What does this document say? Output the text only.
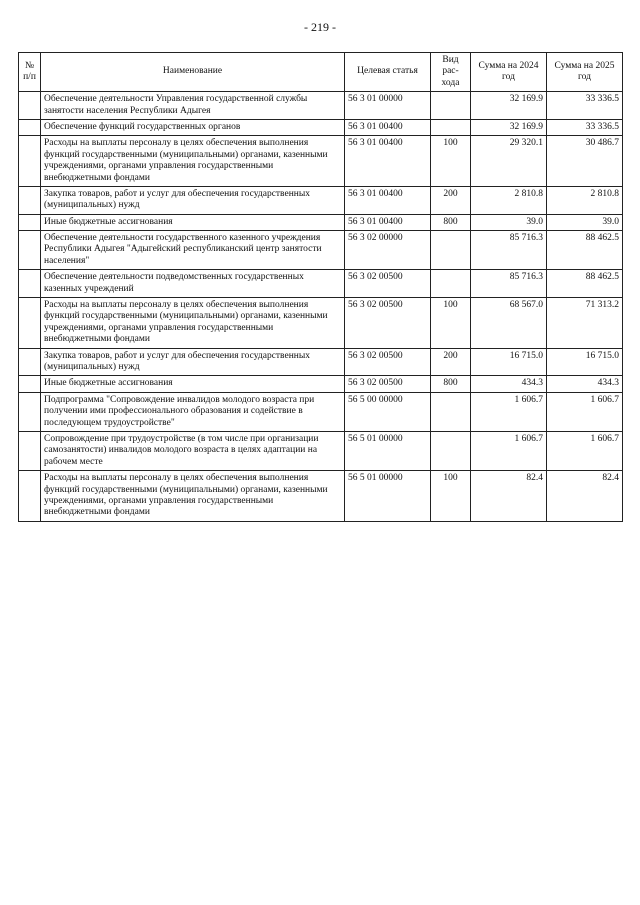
- 219 -
№ п/п	Наименование	Целевая статья	Вид рас-хода	Сумма на 2024 год	Сумма на 2025 год
	Обеспечение деятельности Управления государственной службы занятости населения Республики Адыгея	56 3 01 00000		32 169.9	33 336.5
	Обеспечение функций государственных органов	56 3 01 00400		32 169.9	33 336.5
	Расходы на выплаты персоналу в целях обеспечения выполнения функций государственными (муниципальными) органами, казенными учреждениями, органами управления государственными внебюджетными фондами	56 3 01 00400	100	29 320.1	30 486.7
	Закупка товаров, работ и услуг для обеспечения государственных (муниципальных) нужд	56 3 01 00400	200	2 810.8	2 810.8
	Иные бюджетные ассигнования	56 3 01 00400	800	39.0	39.0
	Обеспечение деятельности государственного казенного учреждения Республики Адыгея "Адыгейский республиканский центр занятости населения"	56 3 02 00000		85 716.3	88 462.5
	Обеспечение деятельности подведомственных государственных казенных учреждений	56 3 02 00500		85 716.3	88 462.5
	Расходы на выплаты персоналу в целях обеспечения выполнения функций государственными (муниципальными) органами, казенными учреждениями, органами управления государственными внебюджетными фондами	56 3 02 00500	100	68 567.0	71 313.2
	Закупка товаров, работ и услуг для обеспечения государственных (муниципальных) нужд	56 3 02 00500	200	16 715.0	16 715.0
	Иные бюджетные ассигнования	56 3 02 00500	800	434.3	434.3
	Подпрограмма "Сопровождение инвалидов молодого возраста при получении ими профессионального образования и содействие в последующем трудоустройстве"	56 5 00 00000		1 606.7	1 606.7
	Сопровождение при трудоустройстве (в том числе при организации самозанятости) инвалидов молодого возраста в целях адаптации на рабочем месте	56 5 01 00000		1 606.7	1 606.7
	Расходы на выплаты персоналу в целях обеспечения выполнения функций государственными (муниципальными) органами, казенными учреждениями, органами управления государственными внебюджетными фондами	56 5 01 00000	100	82.4	82.4
